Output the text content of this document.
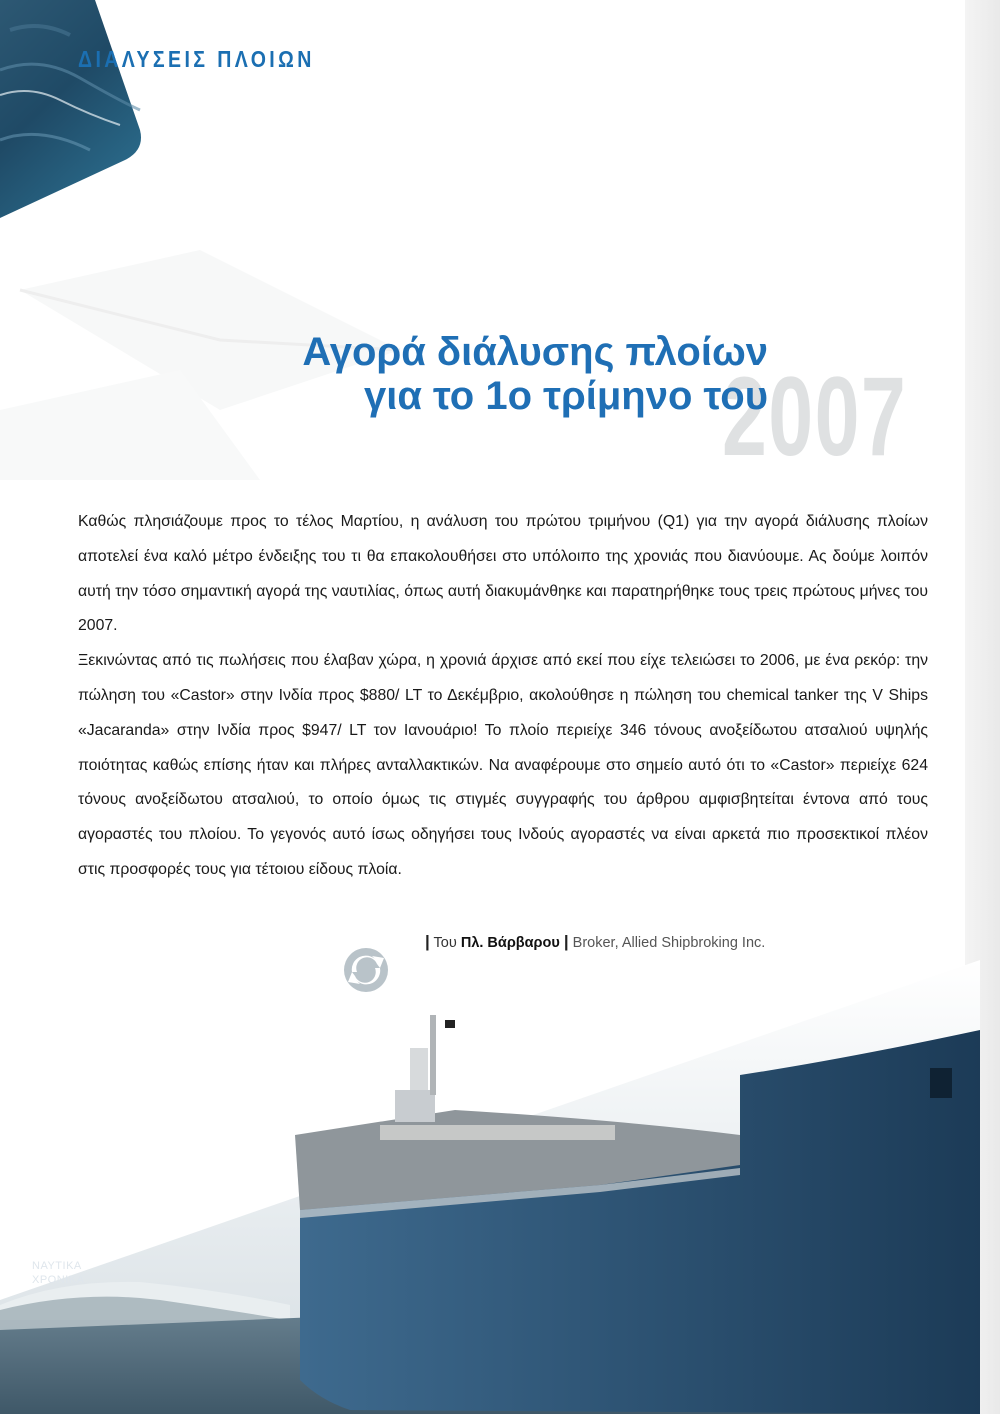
ΔΙΑΛΥΣΕΙΣ ΠΛΟΙΩΝ
2007
Αγορά διάλυσης πλοίων
για το 1ο τρίμηνο του

Καθώς πλησιάζουμε προς το τέλος Μαρτίου, η ανάλυση του πρώτου τριμήνου (Q1) για την αγορά διάλυσης πλοίων αποτελεί ένα καλό μέτρο ένδειξης του τι θα επακολουθήσει στο υπόλοιπο της χρονιάς που διανύουμε. Ας δούμε λοιπόν αυτή την τόσο σημαντική αγορά της ναυτιλίας, όπως αυτή διακυμάνθηκε και παρατηρήθηκε τους τρεις πρώτους μήνες του 2007.

Ξεκινώντας από τις πωλήσεις που έλαβαν χώρα, η χρονιά άρχισε από εκεί που είχε τελειώσει το 2006, με ένα ρεκόρ: την πώληση του «Castor» στην Ινδία προς $880/ LT το Δεκέμβριο, ακολούθησε η πώληση του chemical tanker της V Ships «Jacaranda» στην Ινδία προς $947/ LT τον Ιανουάριο! Το πλοίο περιείχε 346 τόνους ανοξείδωτου ατσαλιού υψηλής ποιότητας καθώς επίσης ήταν και πλήρες ανταλλακτικών. Να αναφέρουμε στο σημείο αυτό ότι το «Castor» περιείχε 624 τόνους ανοξείδωτου ατσαλιού, το οποίο όμως τις στιγμές συγγραφής του άρθρου αμφισβητείται έντονα από τους αγοραστές του πλοίου. Το γεγονός αυτό ίσως οδηγήσει τους Ινδούς αγοραστές να είναι αρκετά πιο προσεκτικοί πλέον στις προσφορές τους για τέτοιου είδους πλοία.

| Του Πλ. Βάρβαρου | Broker, Allied Shipbroking Inc.
28
ΝΑΥΤΙΚΑ
ΧΡΟΝΙΚΑ
